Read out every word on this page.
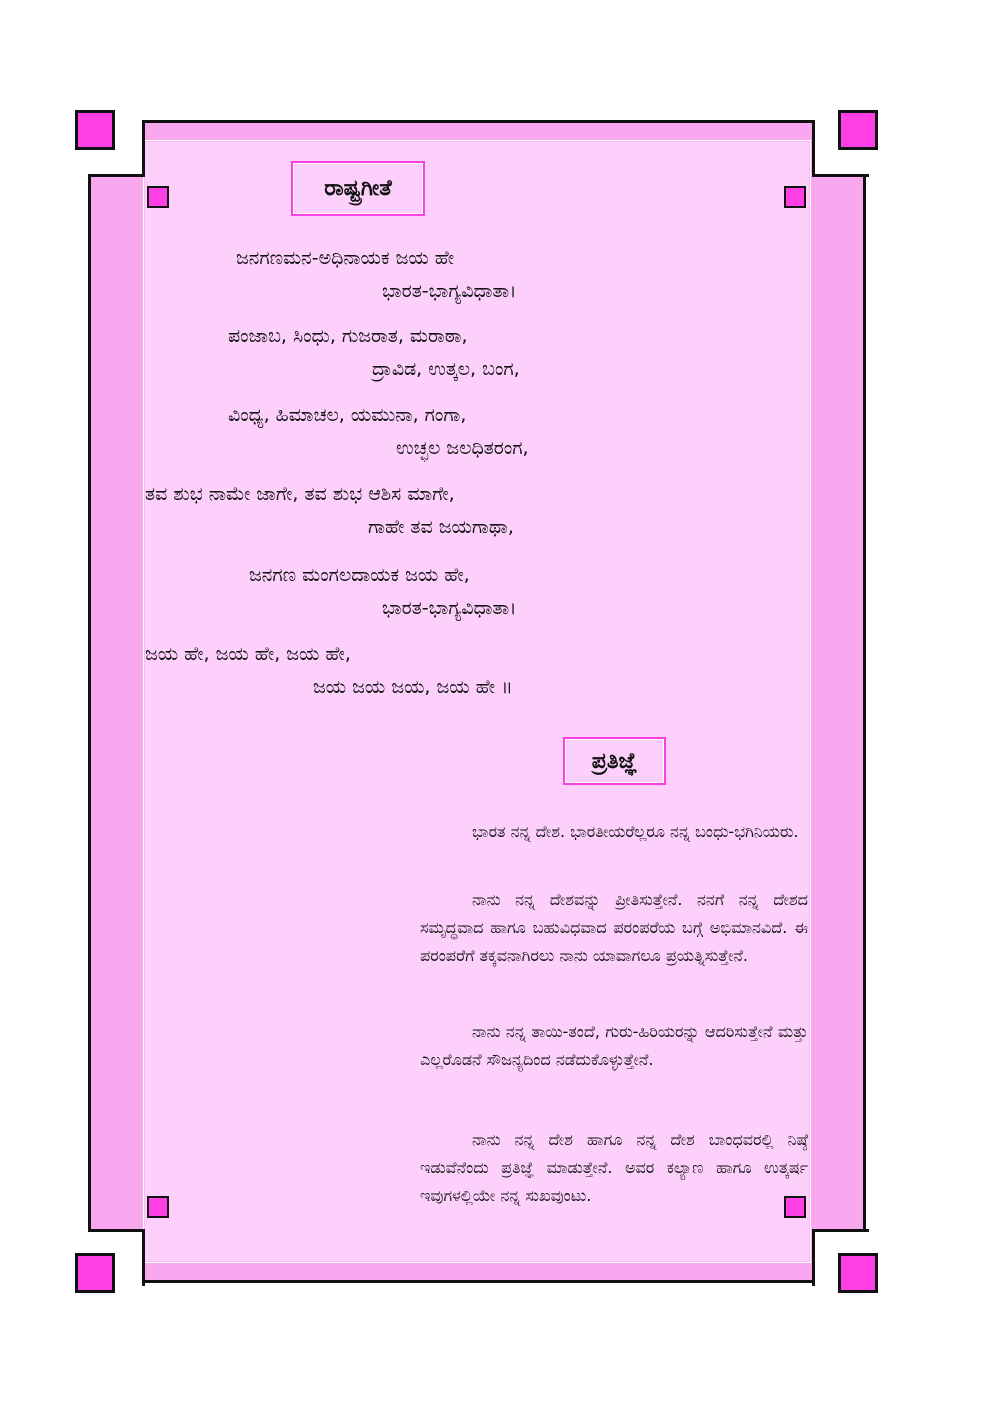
ರಾಷ್ಟ್ರಗೀತೆ
ಜನಗಣಮನ-ಅಧಿನಾಯಕ ಜಯ ಹೇ
ಭಾರತ-ಭಾಗ್ಯವಿಧಾತಾ।
ಪಂಜಾಬ, ಸಿಂಧು, ಗುಜರಾತ, ಮರಾಠಾ,
ದ್ರಾವಿಡ, ಉತ್ಕಲ, ಬಂಗ,
ವಿಂಧ್ಯ, ಹಿಮಾಚಲ, ಯಮುನಾ, ಗಂಗಾ,
ಉಚ್ಛಲ ಜಲಧಿತರಂಗ,
ತವ ಶುಭ ನಾಮೇ ಜಾಗೇ, ತವ ಶುಭ ಆಶಿಸ ಮಾಗೇ,
ಗಾಹೇ ತವ ಜಯಗಾಥಾ,
ಜನಗಣ ಮಂಗಲದಾಯಕ ಜಯ ಹೇ,
ಭಾರತ-ಭಾಗ್ಯವಿಧಾತಾ।
ಜಯ ಹೇ, ಜಯ ಹೇ, ಜಯ ಹೇ,
ಜಯ ಜಯ ಜಯ, ಜಯ ಹೇ ॥
ಪ್ರತಿಜ್ಞೆ
ಭಾರತ ನನ್ನ ದೇಶ. ಭಾರತೀಯರೆಲ್ಲರೂ ನನ್ನ ಬಂಧು-ಭಗಿನಿಯರು.
ನಾನು ನನ್ನ ದೇಶವನ್ನು ಪ್ರೀತಿಸುತ್ತೇನೆ. ನನಗೆ ನನ್ನ ದೇಶದ ಸಮೃದ್ಧವಾದ ಹಾಗೂ ಬಹುವಿಧವಾದ ಪರಂಪರೆಯ ಬಗ್ಗೆ ಅಭಿಮಾನವಿದೆ. ಈ ಪರಂಪರೆಗೆ ತಕ್ಕವನಾಗಿರಲು ನಾನು ಯಾವಾಗಲೂ ಪ್ರಯತ್ನಿಸುತ್ತೇನೆ.
ನಾನು ನನ್ನ ತಾಯಿ-ತಂದೆ, ಗುರು-ಹಿರಿಯರನ್ನು ಆದರಿಸುತ್ತೇನೆ ಮತ್ತು ಎಲ್ಲರೊಡನೆ ಸೌಜನ್ಯದಿಂದ ನಡೆದುಕೊಳ್ಳುತ್ತೇನೆ.
ನಾನು ನನ್ನ ದೇಶ ಹಾಗೂ ನನ್ನ ದೇಶ ಬಾಂಧವರಲ್ಲಿ ನಿಷ್ಠೆ ಇಡುವೆನೆಂದು ಪ್ರತಿಜ್ಞೆ ಮಾಡುತ್ತೇನೆ. ಅವರ ಕಲ್ಯಾಣ ಹಾಗೂ ಉತ್ಕರ್ಷ ಇವುಗಳಲ್ಲಿಯೇ ನನ್ನ ಸುಖವುಂಟು.
